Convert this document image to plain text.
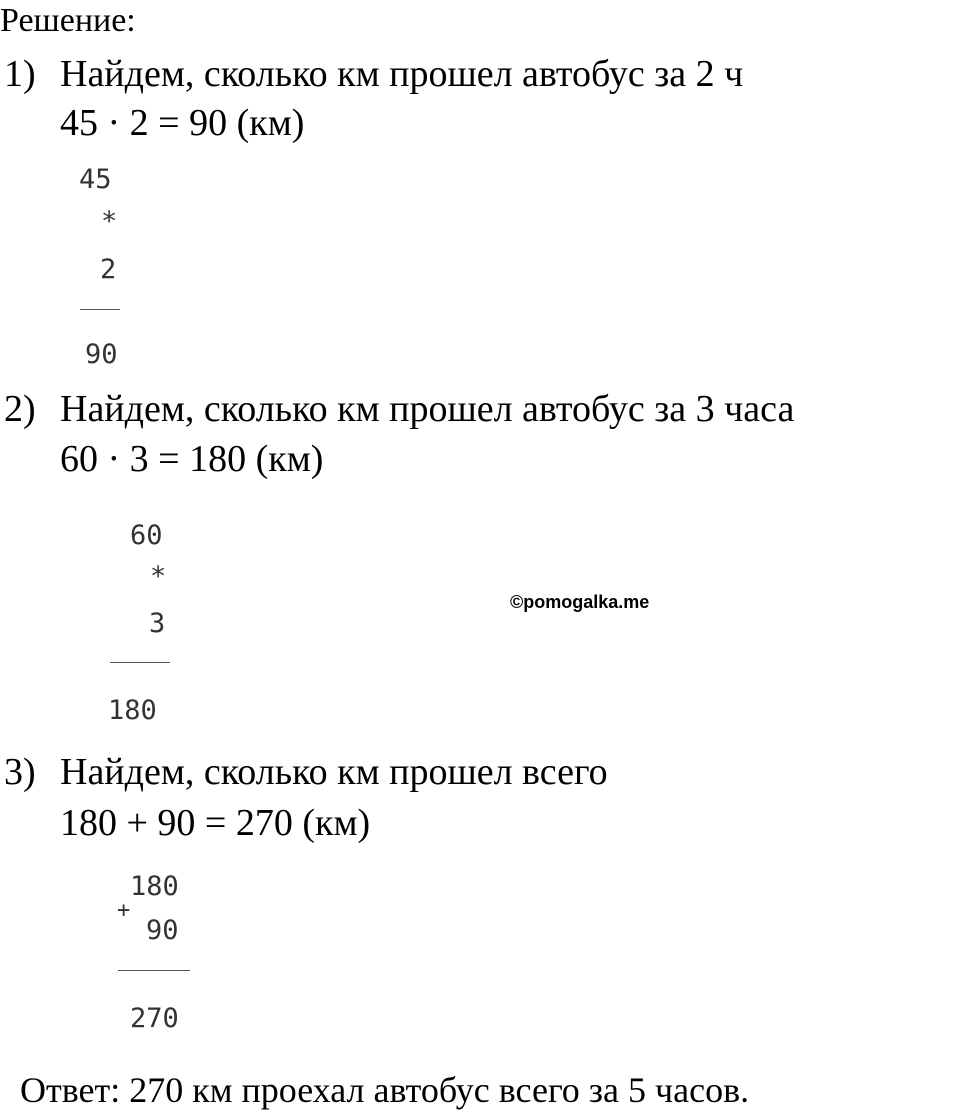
Решение:
1) Найдем, сколько км прошел автобус за 2 ч
45 · 2 = 90 (км)
45
*
2
90
2) Найдем, сколько км прошел автобус за 3 часа
60 · 3 = 180 (км)
60
*
3
180
©pomogalka.me
3) Найдем, сколько км прошел всего
180 + 90 = 270 (км)
180
+
90
270
Ответ: 270 км проехал автобус всего за 5 часов.
